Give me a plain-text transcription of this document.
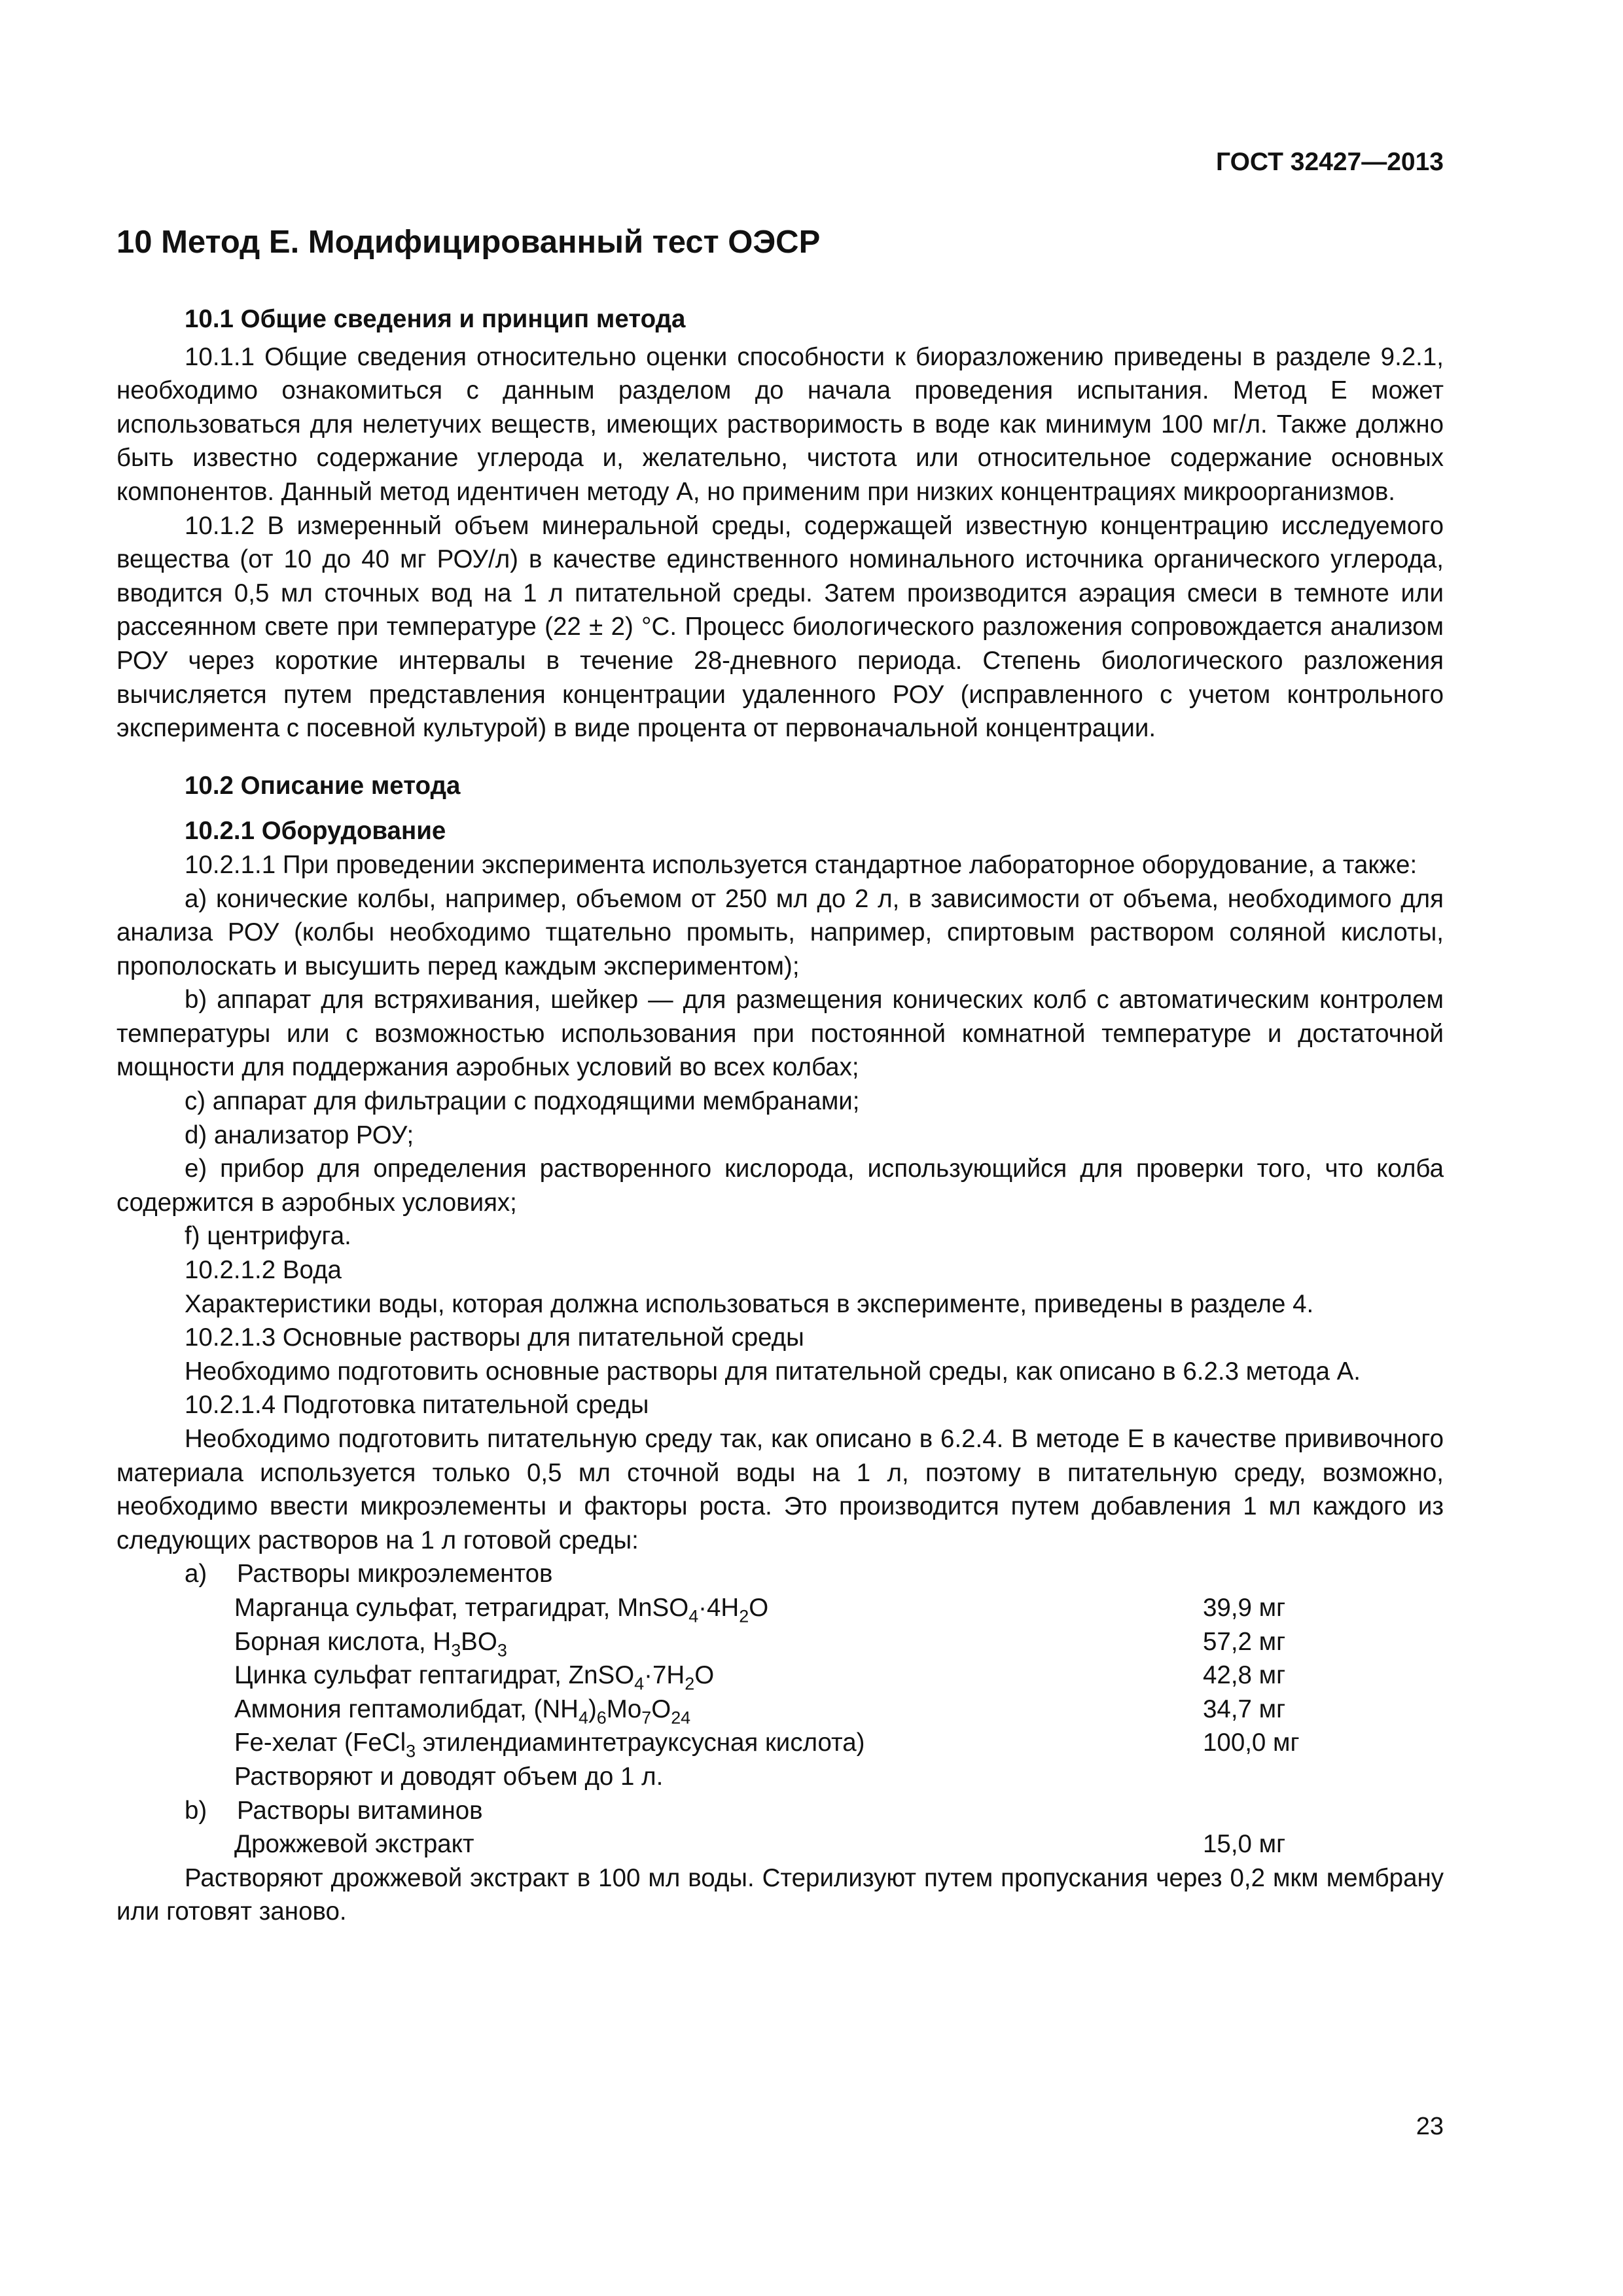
ГОСТ 32427—2013
10 Метод Е. Модифицированный тест ОЭСР
10.1 Общие сведения и принцип метода

10.1.1 Общие сведения относительно оценки способности к биоразложению приведены в разделе 9.2.1, необходимо ознакомиться с данным разделом до начала проведения испытания. Метод Е может использоваться для нелетучих веществ, имеющих растворимость в воде как минимум 100 мг/л. Также должно быть известно содержание углерода и, желательно, чистота или относительное содержание основных компонентов. Данный метод идентичен методу А, но применим при низких концентрациях микроорганизмов.

10.1.2 В измеренный объем минеральной среды, содержащей известную концентрацию исследуемого вещества (от 10 до 40 мг РОУ/л) в качестве единственного номинального источника органического углерода, вводится 0,5 мл сточных вод на 1 л питательной среды. Затем производится аэрация смеси в темноте или рассеянном свете при температуре (22 ± 2) °С. Процесс биологического разложения сопровождается анализом РОУ через короткие интервалы в течение 28-дневного периода. Степень биологического разложения вычисляется путем представления концентрации удаленного РОУ (исправленного с учетом контрольного эксперимента с посевной культурой) в виде процента от первоначальной концентрации.

10.2 Описание метода
10.2.1 Оборудование

10.2.1.1 При проведении эксперимента используется стандартное лабораторное оборудование, а также:

а) конические колбы, например, объемом от 250 мл до 2 л, в зависимости от объема, необходимого для анализа РОУ (колбы необходимо тщательно промыть, например, спиртовым раствором соляной кислоты, прополоскать и высушить перед каждым экспериментом);

b) аппарат для встряхивания, шейкер — для размещения конических колб с автоматическим контролем температуры или с возможностью использования при постоянной комнатной температуре и достаточной мощности для поддержания аэробных условий во всех колбах;

с) аппарат для фильтрации с подходящими мембранами;

d) анализатор РОУ;

е) прибор для определения растворенного кислорода, использующийся для проверки того, что колба содержится в аэробных условиях;

f) центрифуга.

10.2.1.2 Вода

Характеристики воды, которая должна использоваться в эксперименте, приведены в разделе 4.

10.2.1.3 Основные растворы для питательной среды

Необходимо подготовить основные растворы для питательной среды, как описано в 6.2.3 метода А.

10.2.1.4 Подготовка питательной среды

Необходимо подготовить питательную среду так, как описано в 6.2.4. В методе Е в качестве прививочного материала используется только 0,5 мл сточной воды на 1 л, поэтому в питательную среду, возможно, необходимо ввести микроэлементы и факторы роста. Это производится путем добавления 1 мл каждого из следующих растворов на 1 л готовой среды:

а)	Растворы микроэлементов
Марганца сульфат, тетрагидрат, $MnSO_4\cdot 4H_2O$	39,9 мг
Борная кислота, $H_3BO_3$	57,2 мг
Цинка сульфат гептагидрат, $ZnSO_4\cdot 7H_2O$	42,8 мг
Аммония гептамолибдат, $(NH_4)_6Mo_7O_{24}$	34,7 мг
Fe-хелат (FeCl$_3$ этилендиаминтетрауксусная кислота)	100,0 мг
Растворяют и доводят объем до 1 л.
b)	Растворы витаминов
Дрожжевой экстракт	15,0 мг

Растворяют дрожжевой экстракт в 100 мл воды. Стерилизуют путем пропускания через 0,2 мкм мембрану или готовят заново.

23
